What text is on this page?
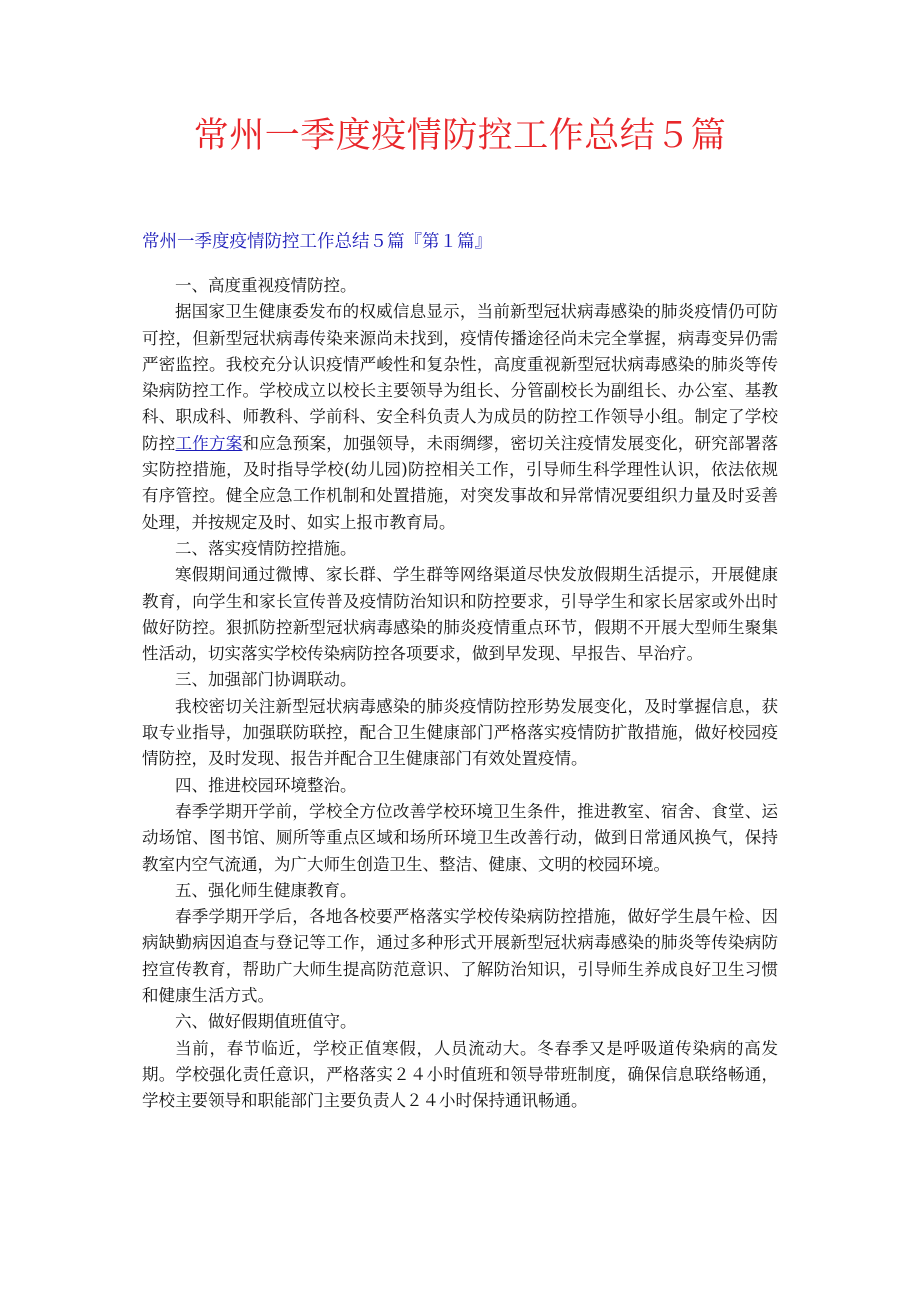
常州一季度疫情防控工作总结５篇
常州一季度疫情防控工作总结５篇『第１篇』

一、高度重视疫情防控。

据国家卫生健康委发布的权威信息显示，当前新型冠状病毒感染的肺炎疫情仍可防可控，但新型冠状病毒传染来源尚未找到，疫情传播途径尚未完全掌握，病毒变异仍需严密监控。我校充分认识疫情严峻性和复杂性，高度重视新型冠状病毒感染的肺炎等传染病防控工作。学校成立以校长主要领导为组长、分管副校长为副组长、办公室、基教科、职成科、师教科、学前科、安全科负责人为成员的防控工作领导小组。制定了学校防控工作方案和应急预案，加强领导，未雨绸缪，密切关注疫情发展变化，研究部署落实防控措施，及时指导学校(幼儿园)防控相关工作，引导师生科学理性认识，依法依规有序管控。健全应急工作机制和处置措施，对突发事故和异常情况要组织力量及时妥善处理，并按规定及时、如实上报市教育局。

二、落实疫情防控措施。

寒假期间通过微博、家长群、学生群等网络渠道尽快发放假期生活提示，开展健康教育，向学生和家长宣传普及疫情防治知识和防控要求，引导学生和家长居家或外出时做好防控。狠抓防控新型冠状病毒感染的肺炎疫情重点环节，假期不开展大型师生聚集性活动，切实落实学校传染病防控各项要求，做到早发现、早报告、早治疗。

三、加强部门协调联动。

我校密切关注新型冠状病毒感染的肺炎疫情防控形势发展变化，及时掌握信息，获取专业指导，加强联防联控，配合卫生健康部门严格落实疫情防扩散措施，做好校园疫情防控，及时发现、报告并配合卫生健康部门有效处置疫情。

四、推进校园环境整治。

春季学期开学前，学校全方位改善学校环境卫生条件，推进教室、宿舍、食堂、运动场馆、图书馆、厕所等重点区域和场所环境卫生改善行动，做到日常通风换气，保持教室内空气流通，为广大师生创造卫生、整洁、健康、文明的校园环境。

五、强化师生健康教育。

春季学期开学后，各地各校要严格落实学校传染病防控措施，做好学生晨午检、因病缺勤病因追查与登记等工作，通过多种形式开展新型冠状病毒感染的肺炎等传染病防控宣传教育，帮助广大师生提高防范意识、了解防治知识，引导师生养成良好卫生习惯和健康生活方式。

六、做好假期值班值守。

当前，春节临近，学校正值寒假，人员流动大。冬春季又是呼吸道传染病的高发期。学校强化责任意识，严格落实２４小时值班和领导带班制度，确保信息联络畅通，学校主要领导和职能部门主要负责人２４小时保持通讯畅通。
